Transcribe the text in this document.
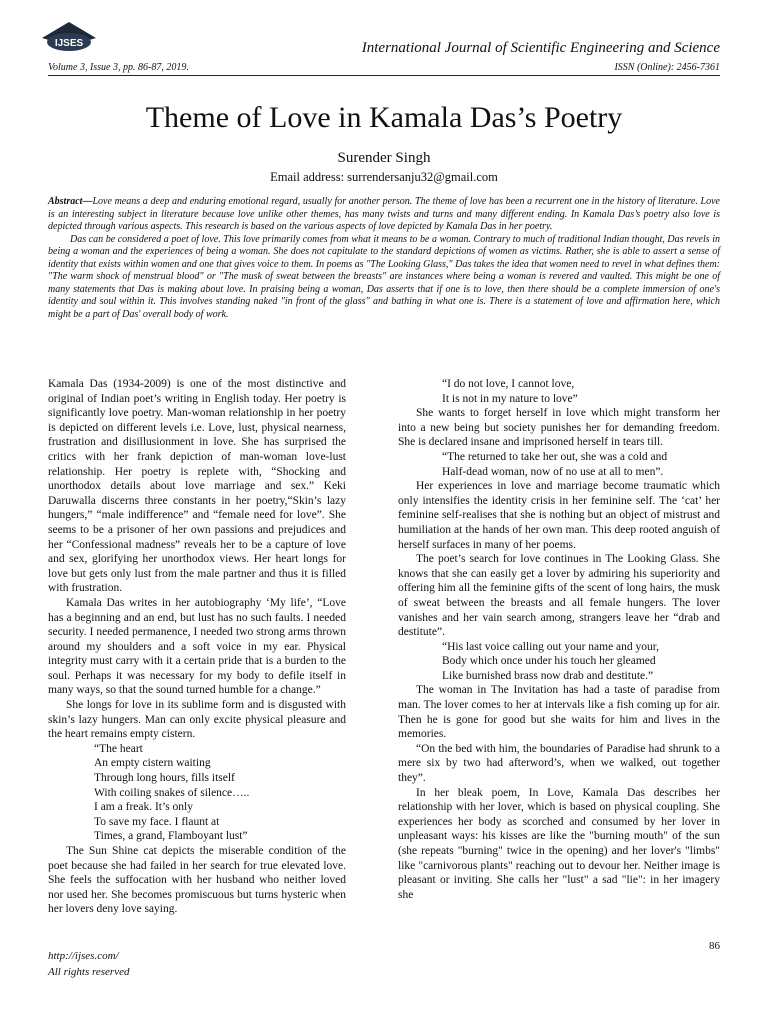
IJSES	International Journal of Scientific Engineering and Science
Volume 3, Issue 3, pp. 86-87, 2019.	ISSN (Online): 2456-7361
Theme of Love in Kamala Das’s Poetry
Surender Singh
Email address: surrendersanju32@gmail.com

Abstract—Love means a deep and enduring emotional regard, usually for another person. The theme of love has been a recurrent one in the history of literature. Love is an interesting subject in literature because love unlike other themes, has many twists and turns and many different ending. In Kamala Das’s poetry also love is depicted through various aspects. This research is based on the various aspects of love depicted by Kamala Das in her poetry.

Das can be considered a poet of love. This love primarily comes from what it means to be a woman. Contrary to much of traditional Indian thought, Das revels in being a woman and the experiences of being a woman. She does not capitulate to the standard depictions of women as victims. Rather, she is able to assert a sense of identity that exists within women and one that gives voice to them. In poems as "The Looking Glass," Das takes the idea that women need to revel in what defines them: "The warm shock of menstrual blood" or "The musk of sweat between the breasts" are instances where being a woman is revered and vaulted. This might be one of many statements that Das is making about love. In praising being a woman, Das asserts that if one is to love, then there should be a complete immersion of one's identity and soul within it. This involves standing naked "in front of the glass" and bathing in what one is. There is a statement of love and affirmation here, which might be a part of Das' overall body of work.

Kamala Das (1934-2009) is one of the most distinctive and original of Indian poet’s writing in English today. Her poetry is significantly love poetry. Man-woman relationship in her poetry is depicted on different levels i.e. Love, lust, physical nearness, frustration and disillusionment in love. She has surprised the critics with her frank depiction of man-woman love-lust relationship. Her poetry is replete with, “Shocking and unorthodox details about love marriage and sex.” Keki Daruwalla discerns three constants in her poetry,“Skin’s lazy hungers,” “male indifference” and “female need for love”. She seems to be a prisoner of her own passions and prejudices and her “Confessional madness” reveals her to be a capture of love and sex, glorifying her unorthodox views. Her heart longs for love but gets only lust from the male partner and thus it is filled with frustration.

Kamala Das writes in her autobiography ‘My life’, “Love has a beginning and an end, but lust has no such faults. I needed security. I needed permanence, I needed two strong arms thrown around my shoulders and a soft voice in my ear. Physical integrity must carry with it a certain pride that is a burden to the soul. Perhaps it was necessary for my body to defile itself in many ways, so that the sound turned humble for a change.”

She longs for love in its sublime form and is disgusted with skin’s lazy hungers. Man can only excite physical pleasure and the heart remains empty cistern.

“The heart
An empty cistern waiting
Through long hours, fills itself
With coiling snakes of silence…..
I am a freak. It’s only
To save my face. I flaunt at
Times, a grand, Flamboyant lust”

The Sun Shine cat depicts the miserable condition of the poet because she had failed in her search for true elevated love. She feels the suffocation with her husband who neither loved nor used her. She becomes promiscuous but turns hysteric when her lovers deny love saying.

“I do not love, I cannot love,
It is not in my nature to love”

She wants to forget herself in love which might transform her into a new being but society punishes her for demanding freedom. She is declared insane and imprisoned herself in tears till.

“The returned to take her out, she was a cold and
Half-dead woman, now of no use at all to men”.

Her experiences in love and marriage become traumatic which only intensifies the identity crisis in her feminine self. The ‘cat’ her feminine self-realises that she is nothing but an object of mistrust and humiliation at the hands of her own man. This deep rooted anguish of herself surfaces in many of her poems.

The poet’s search for love continues in The Looking Glass. She knows that she can easily get a lover by admiring his superiority and offering him all the feminine gifts of the scent of long hairs, the musk of sweat between the breasts and all female hungers. The lover vanishes and her vain search among, strangers leave her “drab and destitute”.

“His last voice calling out your name and your,
Body which once under his touch her gleamed
Like burnished brass now drab and destitute.”

The woman in The Invitation has had a taste of paradise from man. The lover comes to her at intervals like a fish coming up for air. Then he is gone for good but she waits for him and lives in the memories.

“On the bed with him, the boundaries of Paradise had shrunk to a mere six by two had afterword’s, when we walked, out together they”.

In her bleak poem, In Love, Kamala Das describes her relationship with her lover, which is based on physical coupling. She experiences her body as scorched and consumed by her lover in unpleasant ways: his kisses are like the "burning mouth" of the sun (she repeats "burning" twice in the opening) and her lover's "limbs" like "carnivorous plants" reaching out to devour her. Neither image is pleasant or inviting. She calls her "lust" a sad "lie": in her imagery she

86
http://ijses.com/
All rights reserved
